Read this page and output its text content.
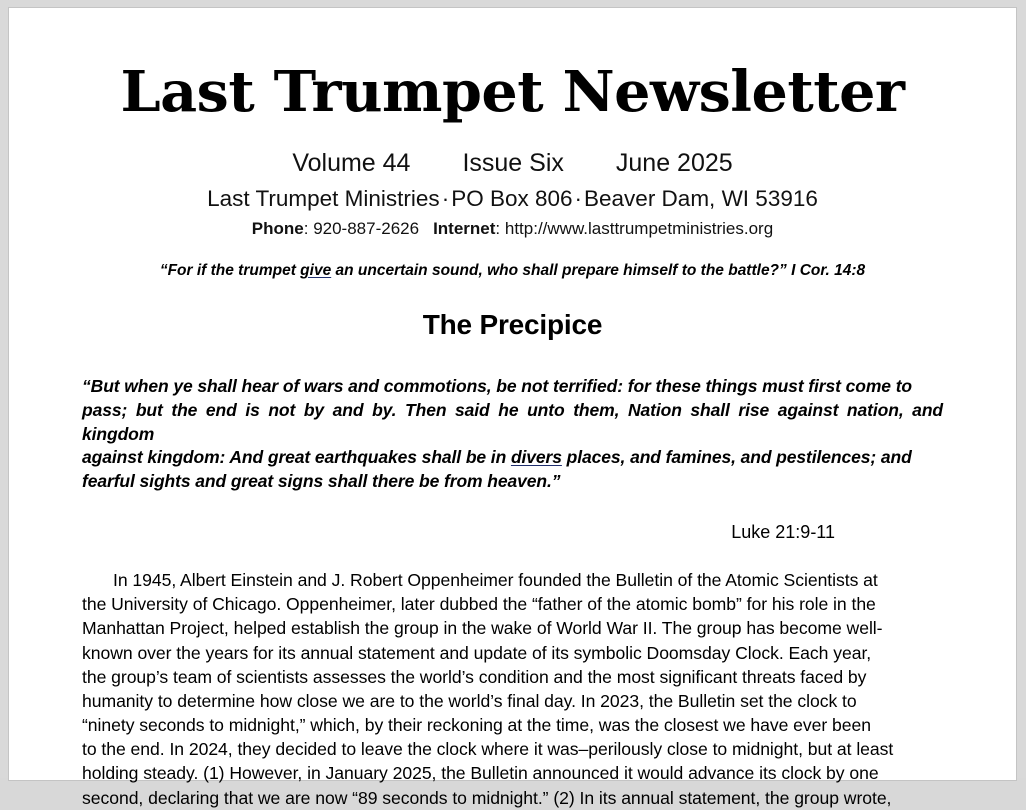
Last Trumpet Newsletter
Volume 44 Issue Six June 2025
Last Trumpet Ministries·PO Box 806·Beaver Dam, WI 53916
Phone: 920-887-2626 Internet: http://www.lasttrumpetministries.org
“For if the trumpet give an uncertain sound, who shall prepare himself to the battle?” I Cor. 14:8
The Precipice
“But when ye shall hear of wars and commotions, be not terrified: for these things must first come to
pass; but the end is not by and by. Then said he unto them, Nation shall rise against nation, and kingdom
against kingdom: And great earthquakes shall be in divers places, and famines, and pestilences; and
fearful sights and great signs shall there be from heaven.”
Luke 21:9-11
In 1945, Albert Einstein and J. Robert Oppenheimer founded the Bulletin of the Atomic Scientists at
the University of Chicago. Oppenheimer, later dubbed the “father of the atomic bomb” for his role in the
Manhattan Project, helped establish the group in the wake of World War II. The group has become well-
known over the years for its annual statement and update of its symbolic Doomsday Clock. Each year,
the group’s team of scientists assesses the world’s condition and the most significant threats faced by
humanity to determine how close we are to the world’s final day. In 2023, the Bulletin set the clock to
“ninety seconds to midnight,” which, by their reckoning at the time, was the closest we have ever been
to the end. In 2024, they decided to leave the clock where it was–perilously close to midnight, but at least
holding steady. (1) However, in January 2025, the Bulletin announced it would advance its clock by one
second, declaring that we are now “89 seconds to midnight.” (2) In its annual statement, the group wrote,
